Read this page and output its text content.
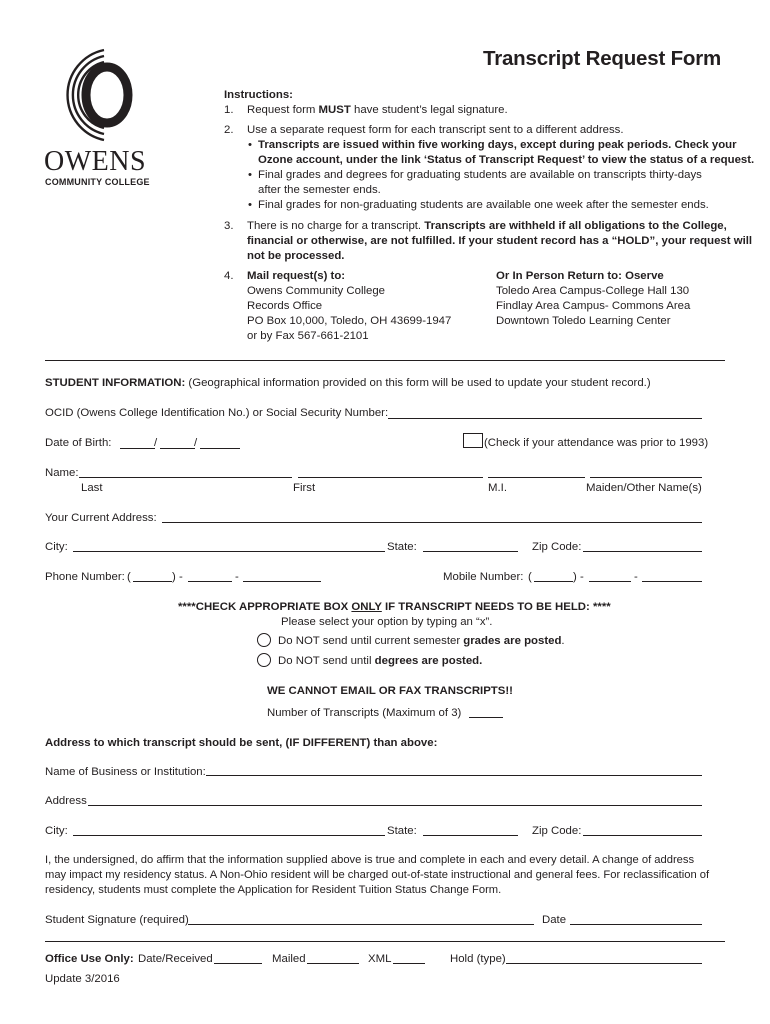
OWENS
COMMUNITY COLLEGE
Transcript Request Form
Instructions:
1. Request form MUST have student’s legal signature.
2. Use a separate request form for each transcript sent to a different address.
• Transcripts are issued within five working days, except during peak periods. Check your
Ozone account, under the link ‘Status of Transcript Request’ to view the status of a request.
• Final grades and degrees for graduating students are available on transcripts thirty-days
after the semester ends.
• Final grades for non-graduating students are available one week after the semester ends.
3. There is no charge for a transcript. Transcripts are withheld if all obligations to the College,
financial or otherwise, are not fulfilled. If your student record has a “HOLD”, your request will
not be processed.
4. Mail request(s) to:
Owens Community College
Records Office
PO Box 10,000, Toledo, OH 43699-1947
or by Fax 567-661-2101
Or In Person Return to: Oserve
Toledo Area Campus-College Hall 130
Findlay Area Campus- Commons Area
Downtown Toledo Learning Center
STUDENT INFORMATION: (Geographical information provided on this form will be used to update your student record.)
OCID (Owens College Identification No.) or Social Security Number:
Date of Birth:	/	/	(Check if your attendance was prior to 1993)
Name:
Last	First	M.I.	Maiden/Other Name(s)
Your Current Address:
City:	State:	Zip Code:
Phone Number: (	) -	-	Mobile Number: (	) -	-
****CHECK APPROPRIATE BOX ONLY IF TRANSCRIPT NEEDS TO BE HELD: ****
Please select your option by typing an “x”.
Do NOT send until current semester grades are posted.
Do NOT send until degrees are posted.
WE CANNOT EMAIL OR FAX TRANSCRIPTS!!
Number of Transcripts (Maximum of 3)
Address to which transcript should be sent, (IF DIFFERENT) than above:
Name of Business or Institution:
Address
City:	State:	Zip Code:
I, the undersigned, do affirm that the information supplied above is true and complete in each and every detail. A change of address
may impact my residency status. A Non-Ohio resident will be charged out-of-state instructional and general fees. For reclassification of
residency, students must complete the Application for Resident Tuition Status Change Form.
Student Signature (required)	Date
Office Use Only: Date/Received	Mailed	XML	Hold (type)
Update 3/2016
